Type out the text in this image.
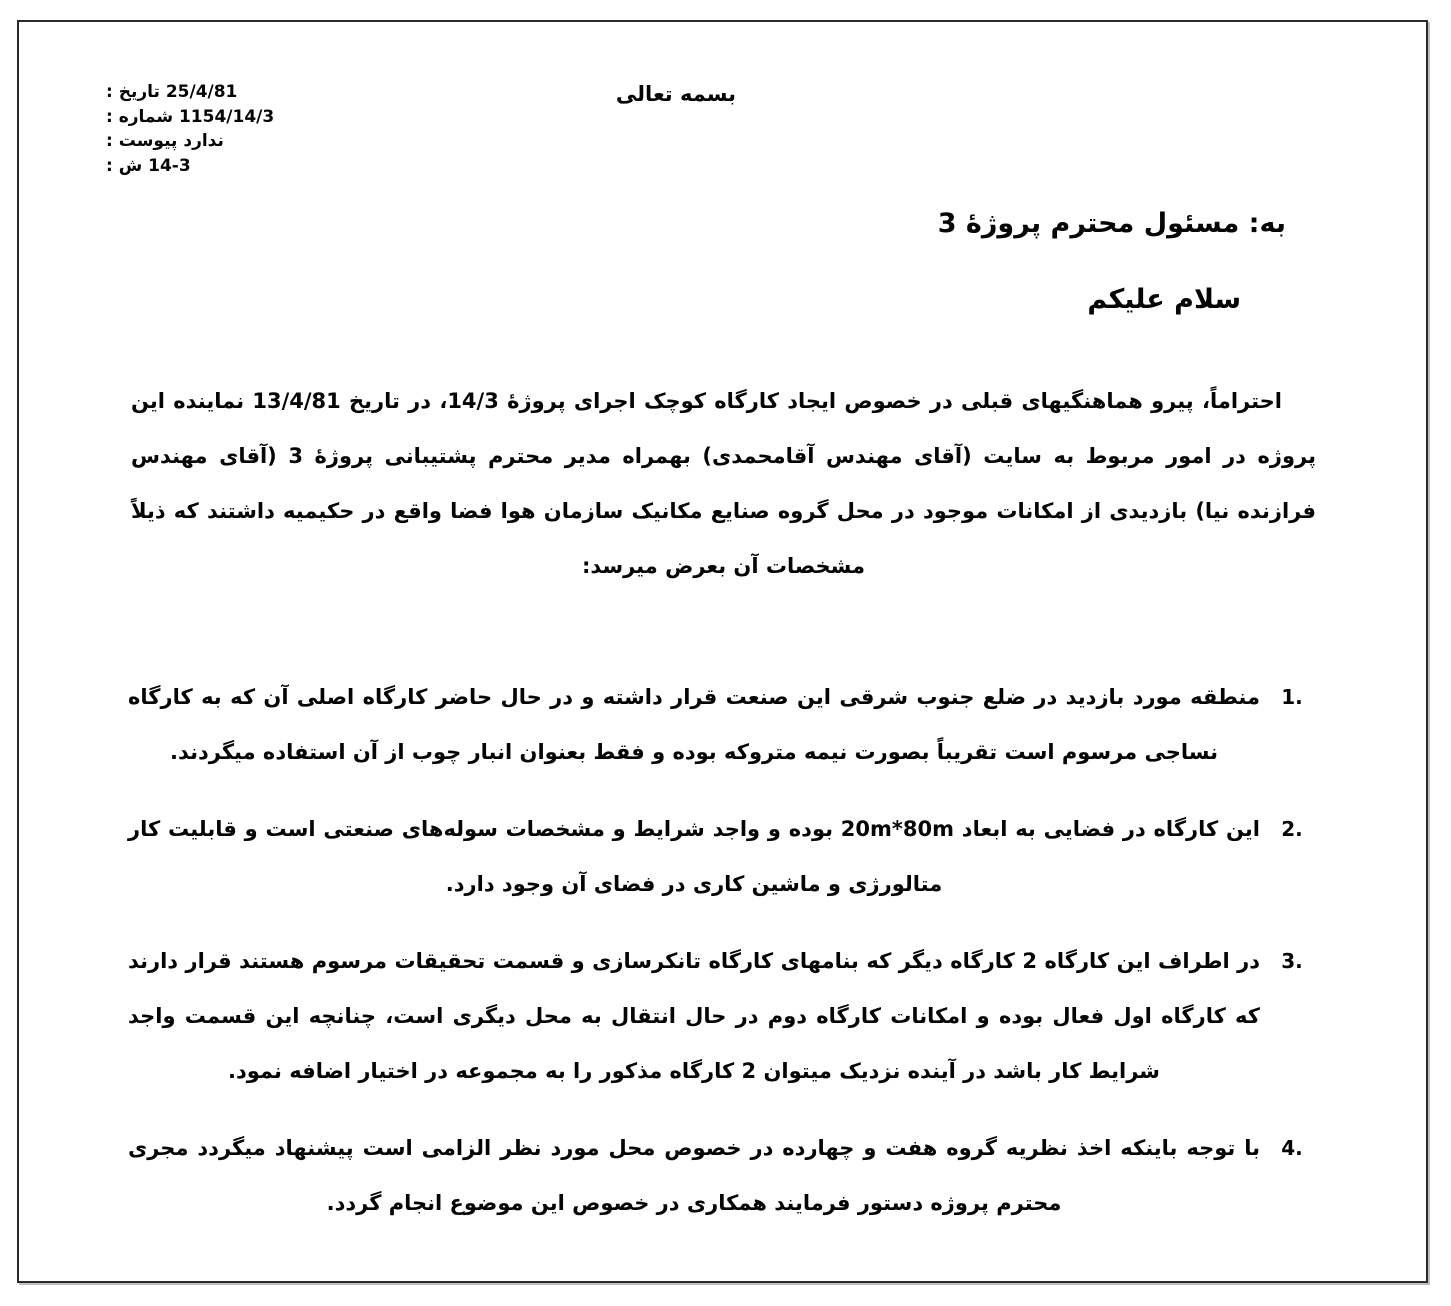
بسمه تعالی
25/4/81 تاریخ :
1154/14/3 شماره :
ندارد پیوست :
14-3 ش :
به: مسئول محترم پروژهٔ 3
سلام علیکم
احتراماً، پیرو هماهنگیهای قبلی در خصوص ایجاد کارگاه کوچک اجرای پروژهٔ 14/3، در تاریخ 13/4/81 نماینده این پروژه در امور مربوط به سایت (آقای مهندس آقامحمدی) بهمراه مدیر محترم پشتیبانی پروژهٔ 3 (آقای مهندس فرازنده نیا) بازدیدی از امکانات موجود در محل گروه صنایع مکانیک سازمان هوا فضا واقع در حکیمیه داشتند که ذیلاً مشخصات آن بعرض میرسد:
1.
منطقه مورد بازدید در ضلع جنوب شرقی این صنعت قرار داشته و در حال حاضر کارگاه اصلی آن که به کارگاه نساجی مرسوم است تقریباً بصورت نیمه متروکه بوده و فقط بعنوان انبار چوب از آن استفاده میگردند.
2.
این کارگاه در فضایی به ابعاد 20m*80m بوده و واجد شرایط و مشخصات سوله‌های صنعتی است و قابلیت کار متالورژی و ماشین کاری در فضای آن وجود دارد.
3.
در اطراف این کارگاه 2 کارگاه دیگر که بنامهای کارگاه تانکرسازی و قسمت تحقیقات مرسوم هستند قرار دارند که کارگاه اول فعال بوده و امکانات کارگاه دوم در حال انتقال به محل دیگری است، چنانچه این قسمت واجد شرایط کار باشد در آینده نزدیک میتوان 2 کارگاه مذکور را به مجموعه در اختیار اضافه نمود.
4.
با توجه باینکه اخذ نظریه گروه هفت و چهارده در خصوص محل مورد نظر الزامی است پیشنهاد میگردد مجری محترم پروژه دستور فرمایند همکاری در خصوص این موضوع انجام گردد.
